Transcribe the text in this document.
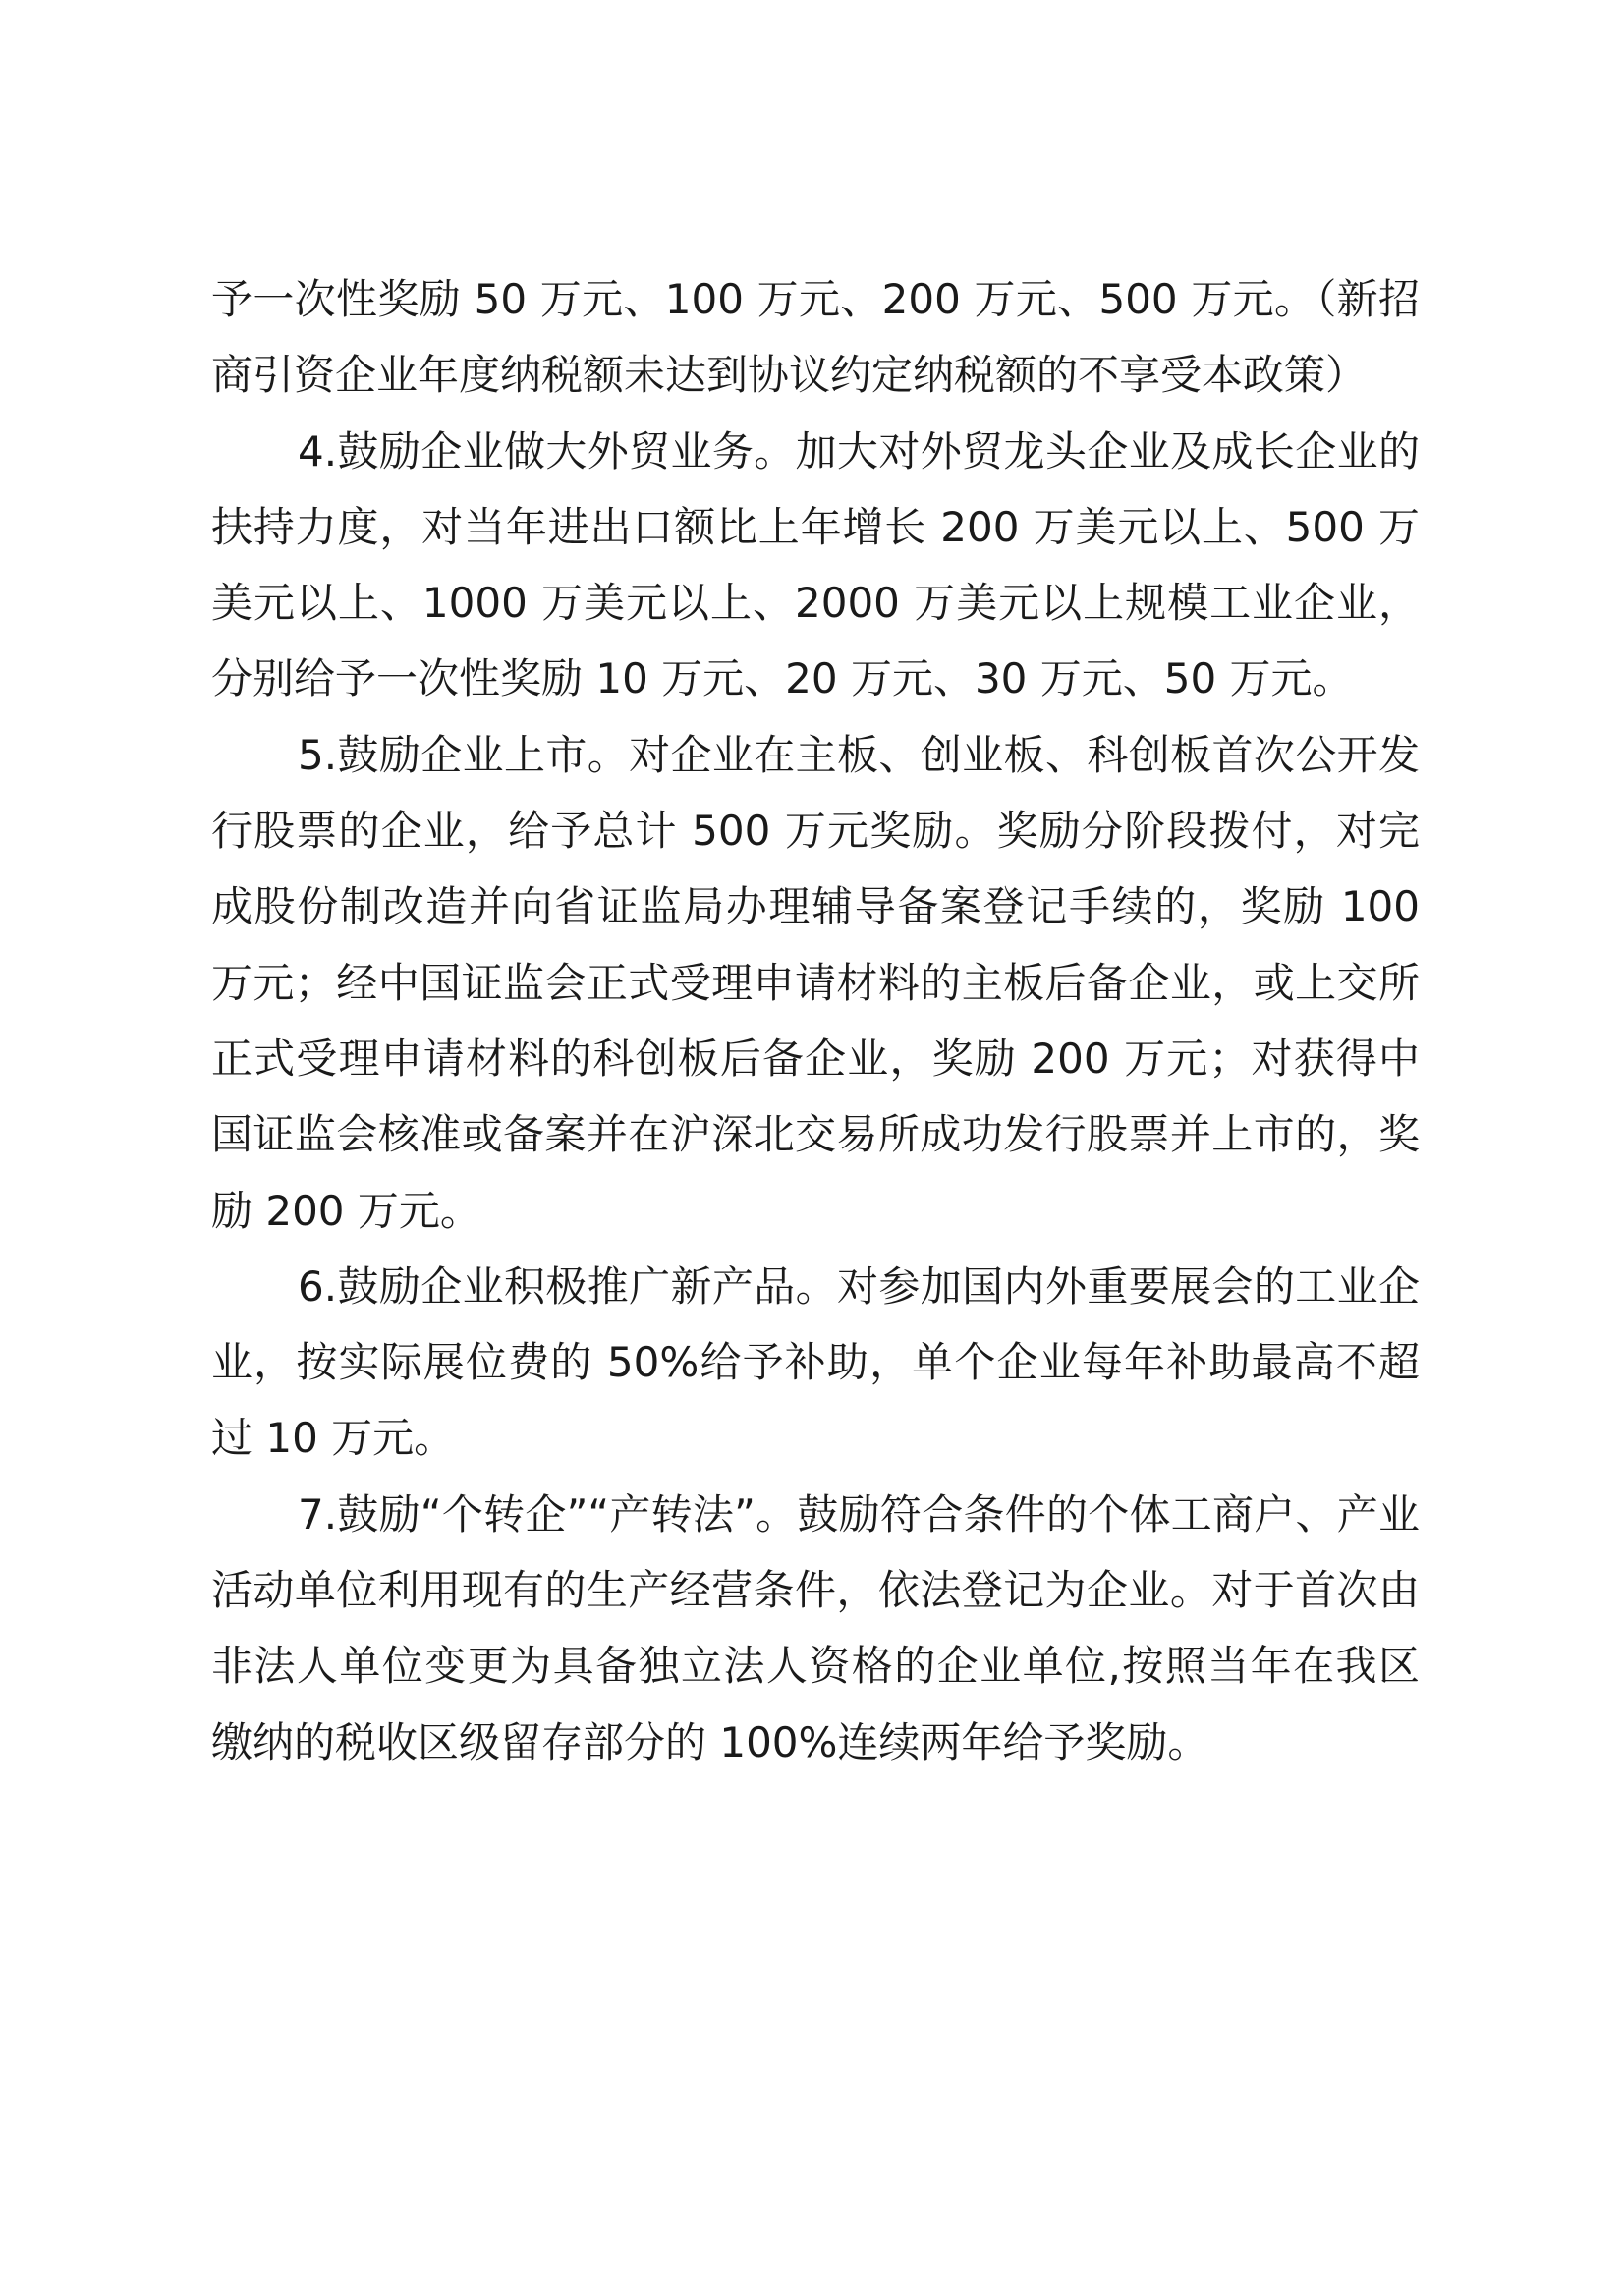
予一次性奖励 50 万元、100 万元、200 万元、500 万元。（新招商引资企业年度纳税额未达到协议约定纳税额的不享受本政策）

4.鼓励企业做大外贸业务。加大对外贸龙头企业及成长企业的扶持力度，对当年进出口额比上年增长 200 万美元以上、500 万美元以上、1000 万美元以上、2000 万美元以上规模工业企业，分别给予一次性奖励 10 万元、20 万元、30 万元、50 万元。

5.鼓励企业上市。对企业在主板、创业板、科创板首次公开发行股票的企业，给予总计 500 万元奖励。奖励分阶段拨付，对完成股份制改造并向省证监局办理辅导备案登记手续的，奖励 100 万元；经中国证监会正式受理申请材料的主板后备企业，或上交所正式受理申请材料的科创板后备企业，奖励 200 万元；对获得中国证监会核准或备案并在沪深北交易所成功发行股票并上市的，奖励 200 万元。

6.鼓励企业积极推广新产品。对参加国内外重要展会的工业企业，按实际展位费的 50%给予补助，单个企业每年补助最高不超过 10 万元。

7.鼓励“个转企”“产转法”。鼓励符合条件的个体工商户、产业活动单位利用现有的生产经营条件，依法登记为企业。对于首次由非法人单位变更为具备独立法人资格的企业单位,按照当年在我区缴纳的税收区级留存部分的 100%连续两年给予奖励。
